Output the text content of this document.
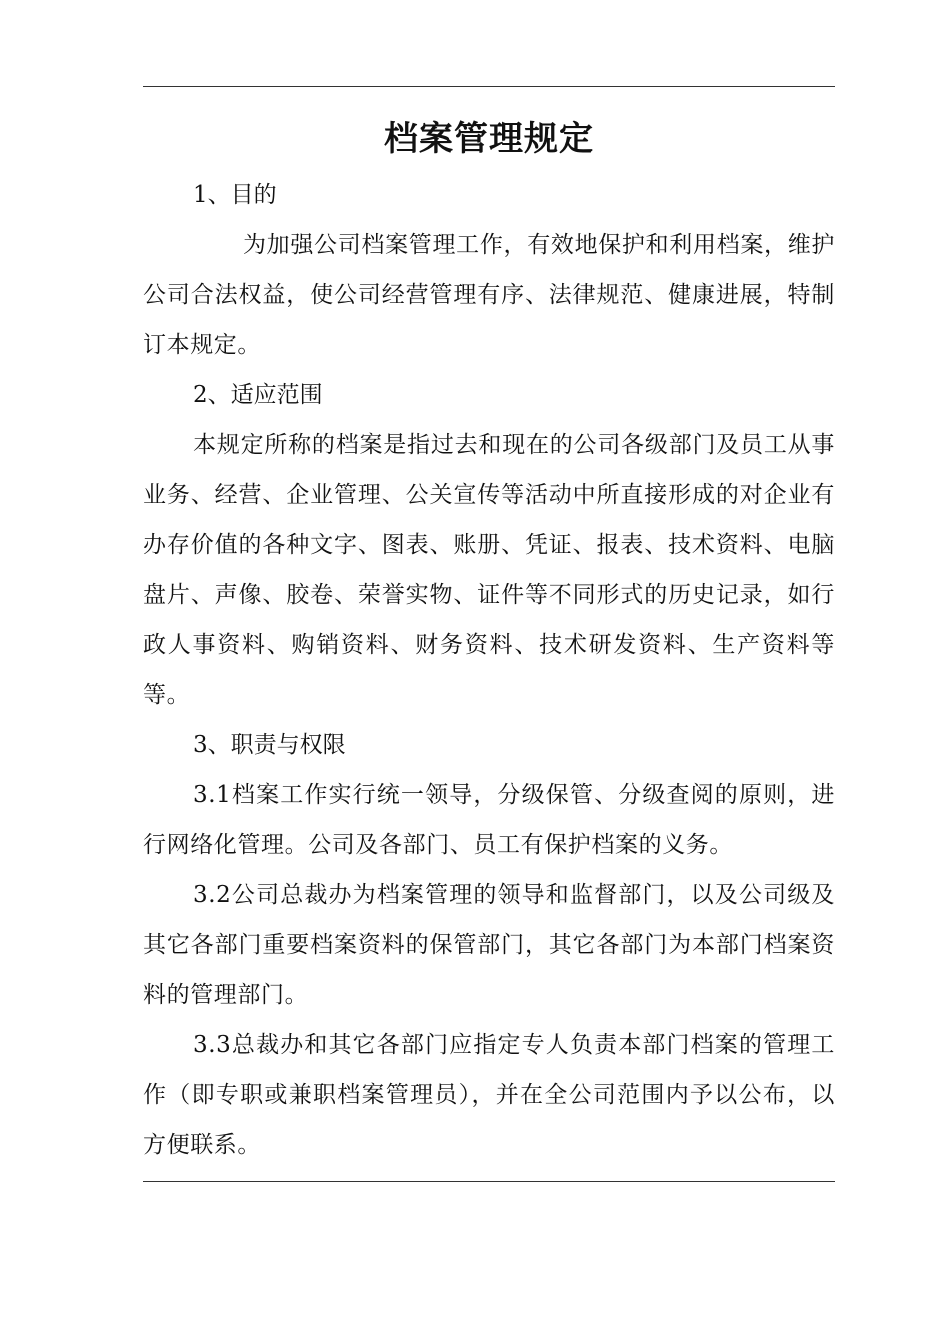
档案管理规定

1、目的

为加强公司档案管理工作，有效地保护和利用档案，维护公司合法权益，使公司经营管理有序、法律规范、健康进展，特制订本规定。

2、适应范围

本规定所称的档案是指过去和现在的公司各级部门及员工从事业务、经营、企业管理、公关宣传等活动中所直接形成的对企业有办存价值的各种文字、图表、账册、凭证、报表、技术资料、电脑盘片、声像、胶卷、荣誉实物、证件等不同形式的历史记录，如行政人事资料、购销资料、财务资料、技术研发资料、生产资料等等。

3、职责与权限

3.1档案工作实行统一领导，分级保管、分级查阅的原则，进行网络化管理。公司及各部门、员工有保护档案的义务。

3.2公司总裁办为档案管理的领导和监督部门，以及公司级及其它各部门重要档案资料的保管部门，其它各部门为本部门档案资料的管理部门。

3.3总裁办和其它各部门应指定专人负责本部门档案的管理工作（即专职或兼职档案管理员），并在全公司范围内予以公布，以方便联系。
